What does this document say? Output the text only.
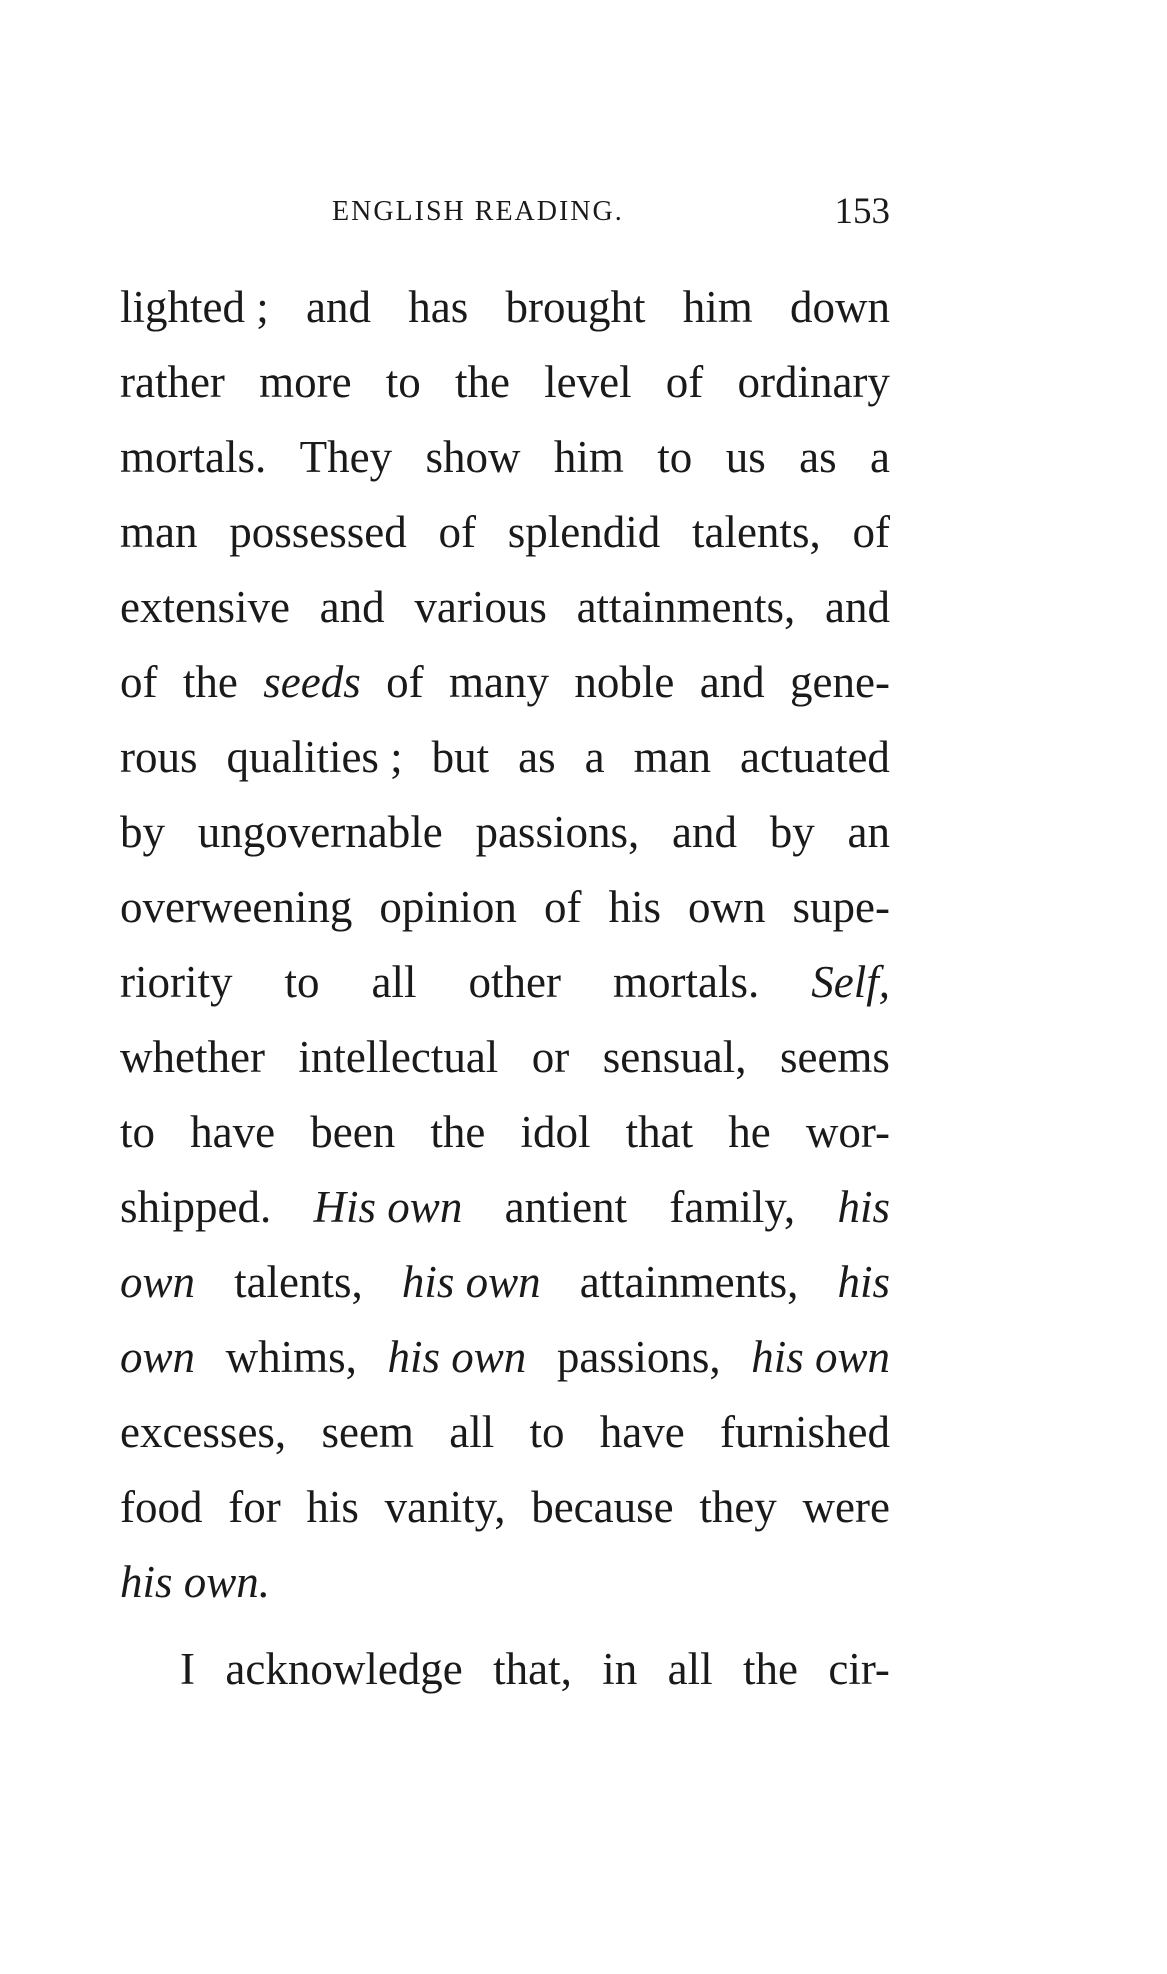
ENGLISH READING.	153
lighted ; and has brought him down
rather more to the level of ordinary
mortals. They show him to us as a
man possessed of splendid talents, of
extensive and various attainments, and
of the seeds of many noble and gene-
rous qualities ; but as a man actuated
by ungovernable passions, and by an
overweening opinion of his own supe-
riority to all other mortals. Self,
whether intellectual or sensual, seems
to have been the idol that he wor-
shipped. His own antient family, his
own talents, his own attainments, his
own whims, his own passions, his own
excesses, seem all to have furnished
food for his vanity, because they were
his own.
I acknowledge that, in all the cir-
